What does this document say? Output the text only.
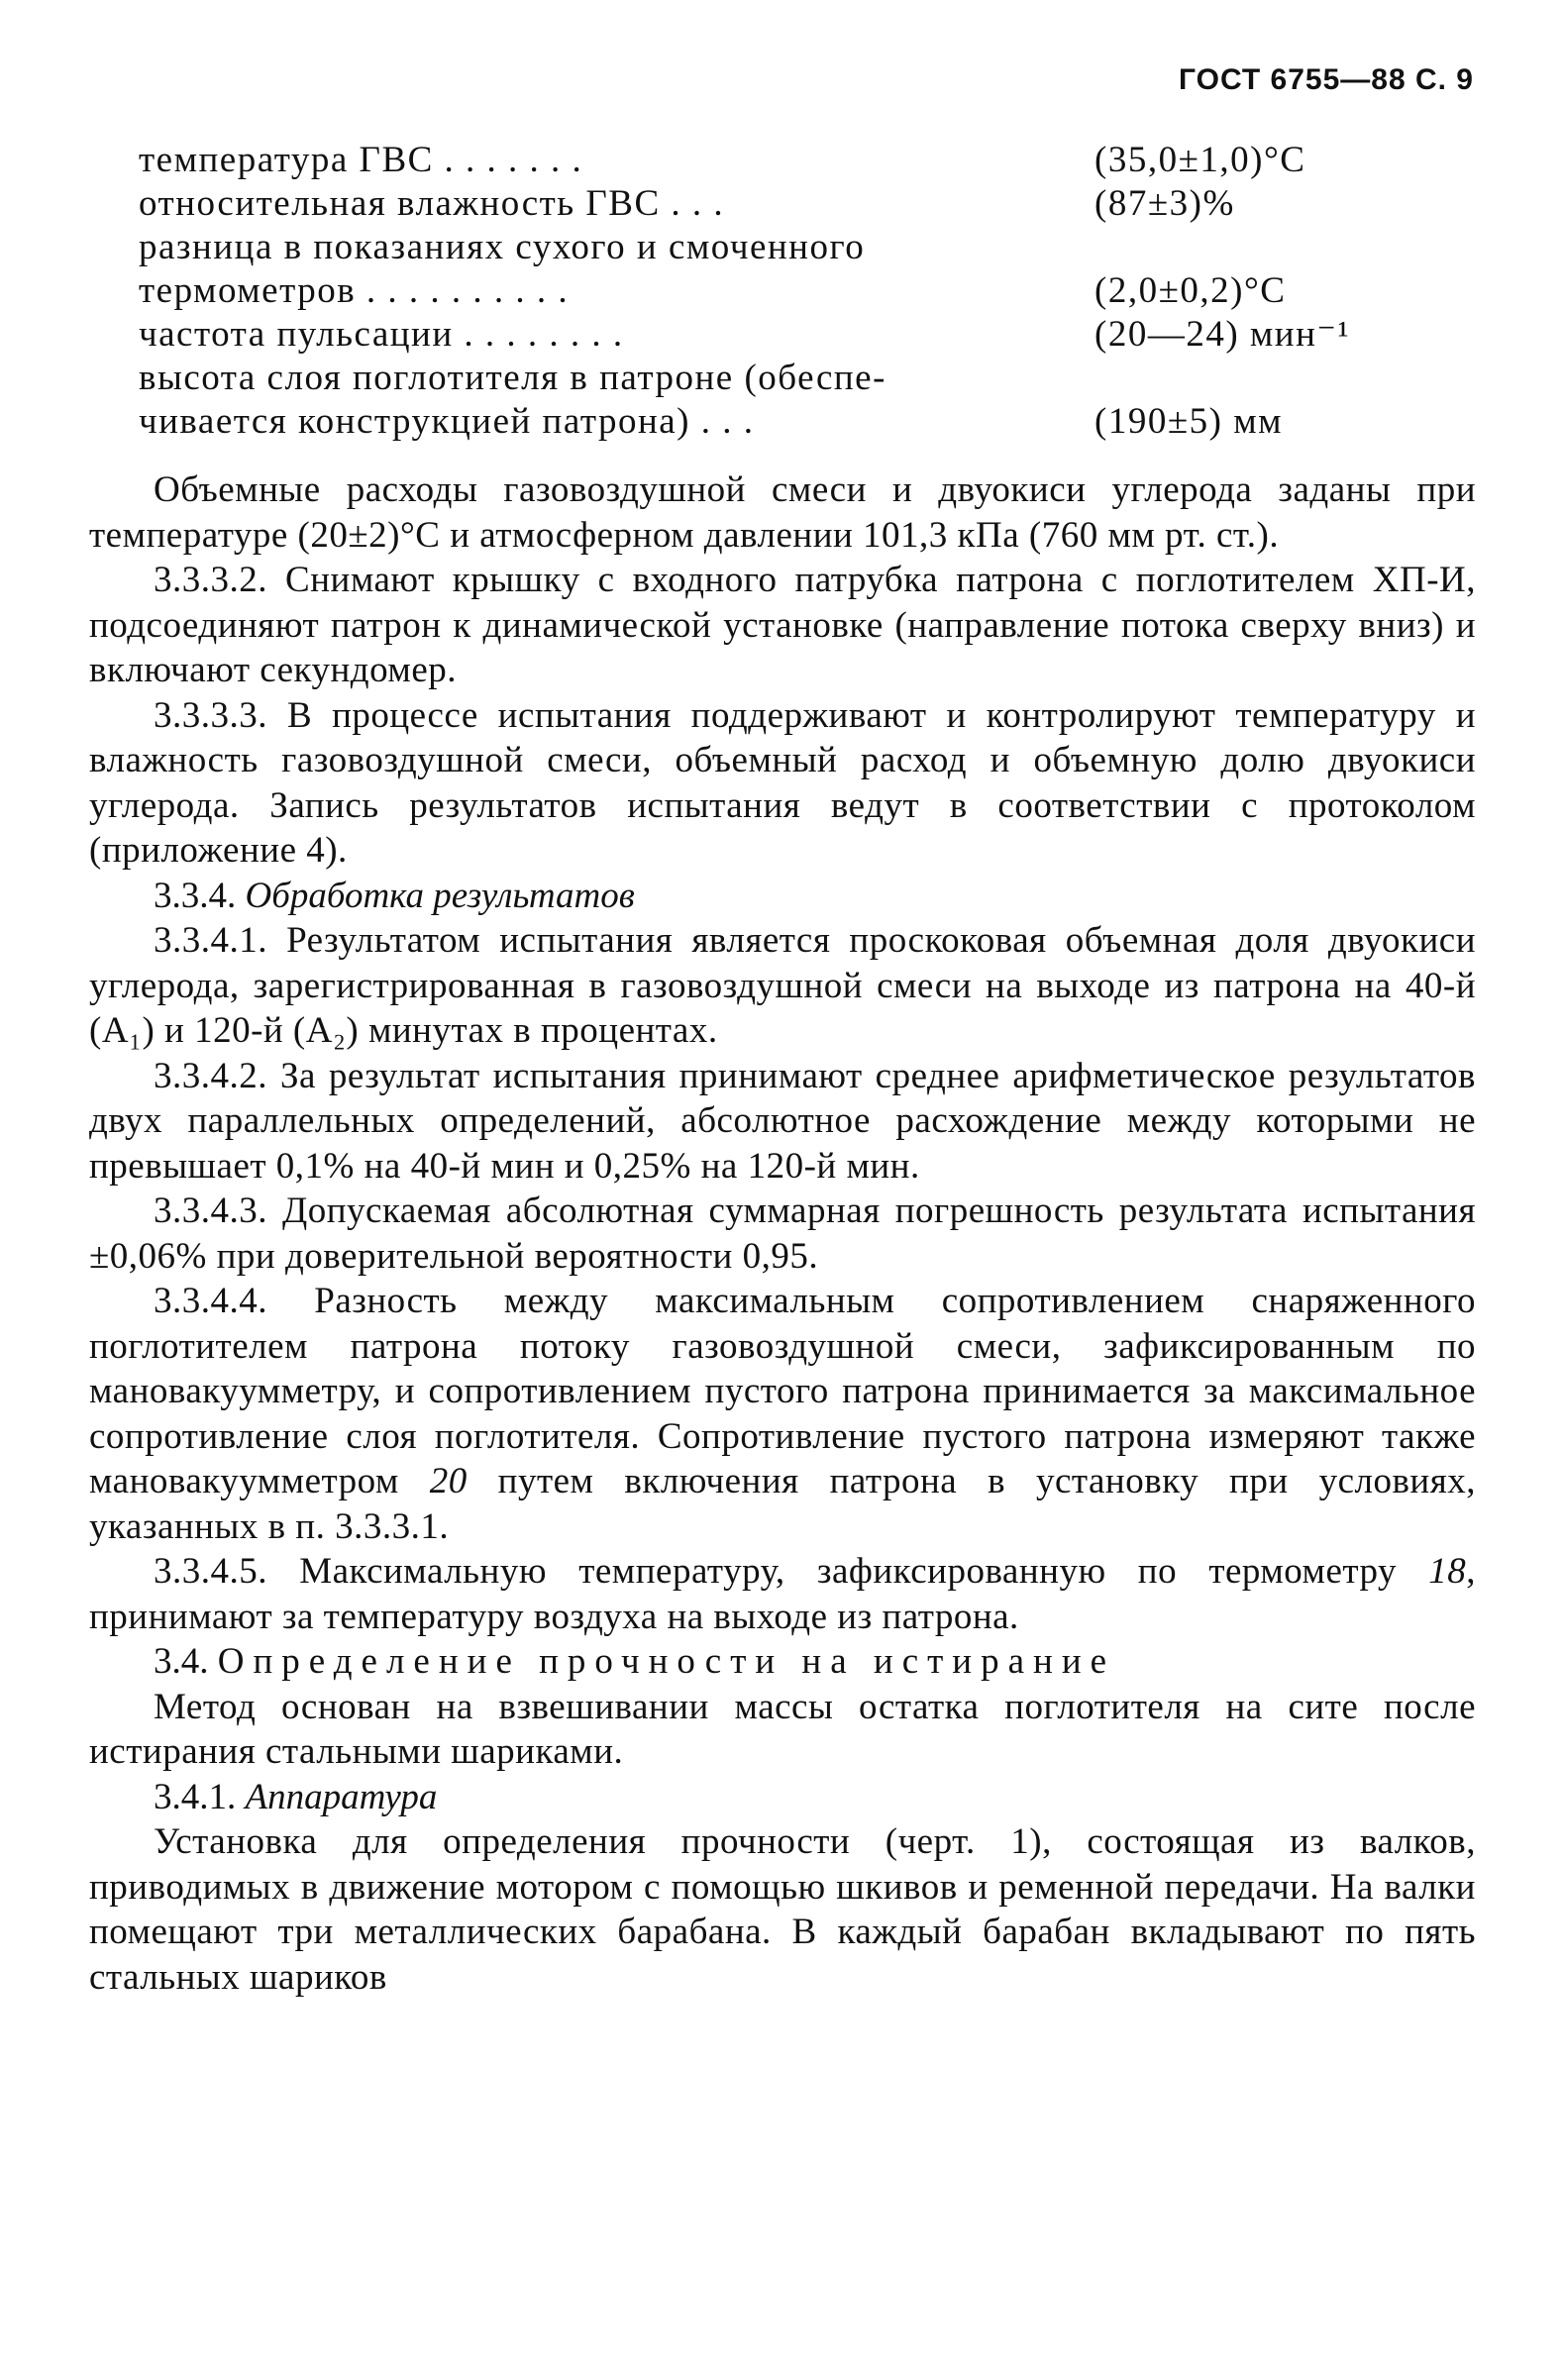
ГОСТ 6755—88 С. 9
температура ГВС . . . . . . .	(35,0±1,0)°С
относительная влажность ГВС . . .	(87±3)%
разница в показаниях сухого и смоченного
термометров . . . . . . . . . .	(2,0±0,2)°С
частота пульсации . . . . . . . .	(20—24) мин⁻¹
высота слоя поглотителя в патроне (обеспе-
чивается конструкцией патрона) . . .	(190±5) мм

Объемные расходы газовоздушной смеси и двуокиси углерода заданы при температуре (20±2)°С и атмосферном давлении 101,3 кПа (760 мм рт. ст.).

3.3.3.2. Снимают крышку с входного патрубка патрона с поглотителем ХП-И, подсоединяют патрон к динамической установке (направление потока сверху вниз) и включают секундомер.

3.3.3.3. В процессе испытания поддерживают и контролируют температуру и влажность газовоздушной смеси, объемный расход и объемную долю двуокиси углерода. Запись результатов испытания ведут в соответствии с протоколом (приложение 4).

3.3.4. Обработка результатов

3.3.4.1. Результатом испытания является проскоковая объемная доля двуокиси углерода, зарегистрированная в газовоздушной смеси на выходе из патрона на 40-й (A₁) и 120-й (A₂) минутах в процентах.

3.3.4.2. За результат испытания принимают среднее арифметическое результатов двух параллельных определений, абсолютное расхождение между которыми не превышает 0,1% на 40-й мин и 0,25% на 120-й мин.

3.3.4.3. Допускаемая абсолютная суммарная погрешность результата испытания ±0,06% при доверительной вероятности 0,95.

3.3.4.4. Разность между максимальным сопротивлением снаряженного поглотителем патрона потоку газовоздушной смеси, зафиксированным по мановакуумметру, и сопротивлением пустого патрона принимается за максимальное сопротивление слоя поглотителя. Сопротивление пустого патрона измеряют также мановакуумметром 20 путем включения патрона в установку при условиях, указанных в п. 3.3.3.1.

3.3.4.5. Максимальную температуру, зафиксированную по термометру 18, принимают за температуру воздуха на выходе из патрона.

3.4. Определение прочности на истирание

Метод основан на взвешивании массы остатка поглотителя на сите после истирания стальными шариками.

3.4.1. Аппаратура

Установка для определения прочности (черт. 1), состоящая из валков, приводимых в движение мотором с помощью шкивов и ременной передачи. На валки помещают три металлических барабана. В каждый барабан вкладывают по пять стальных шариков
